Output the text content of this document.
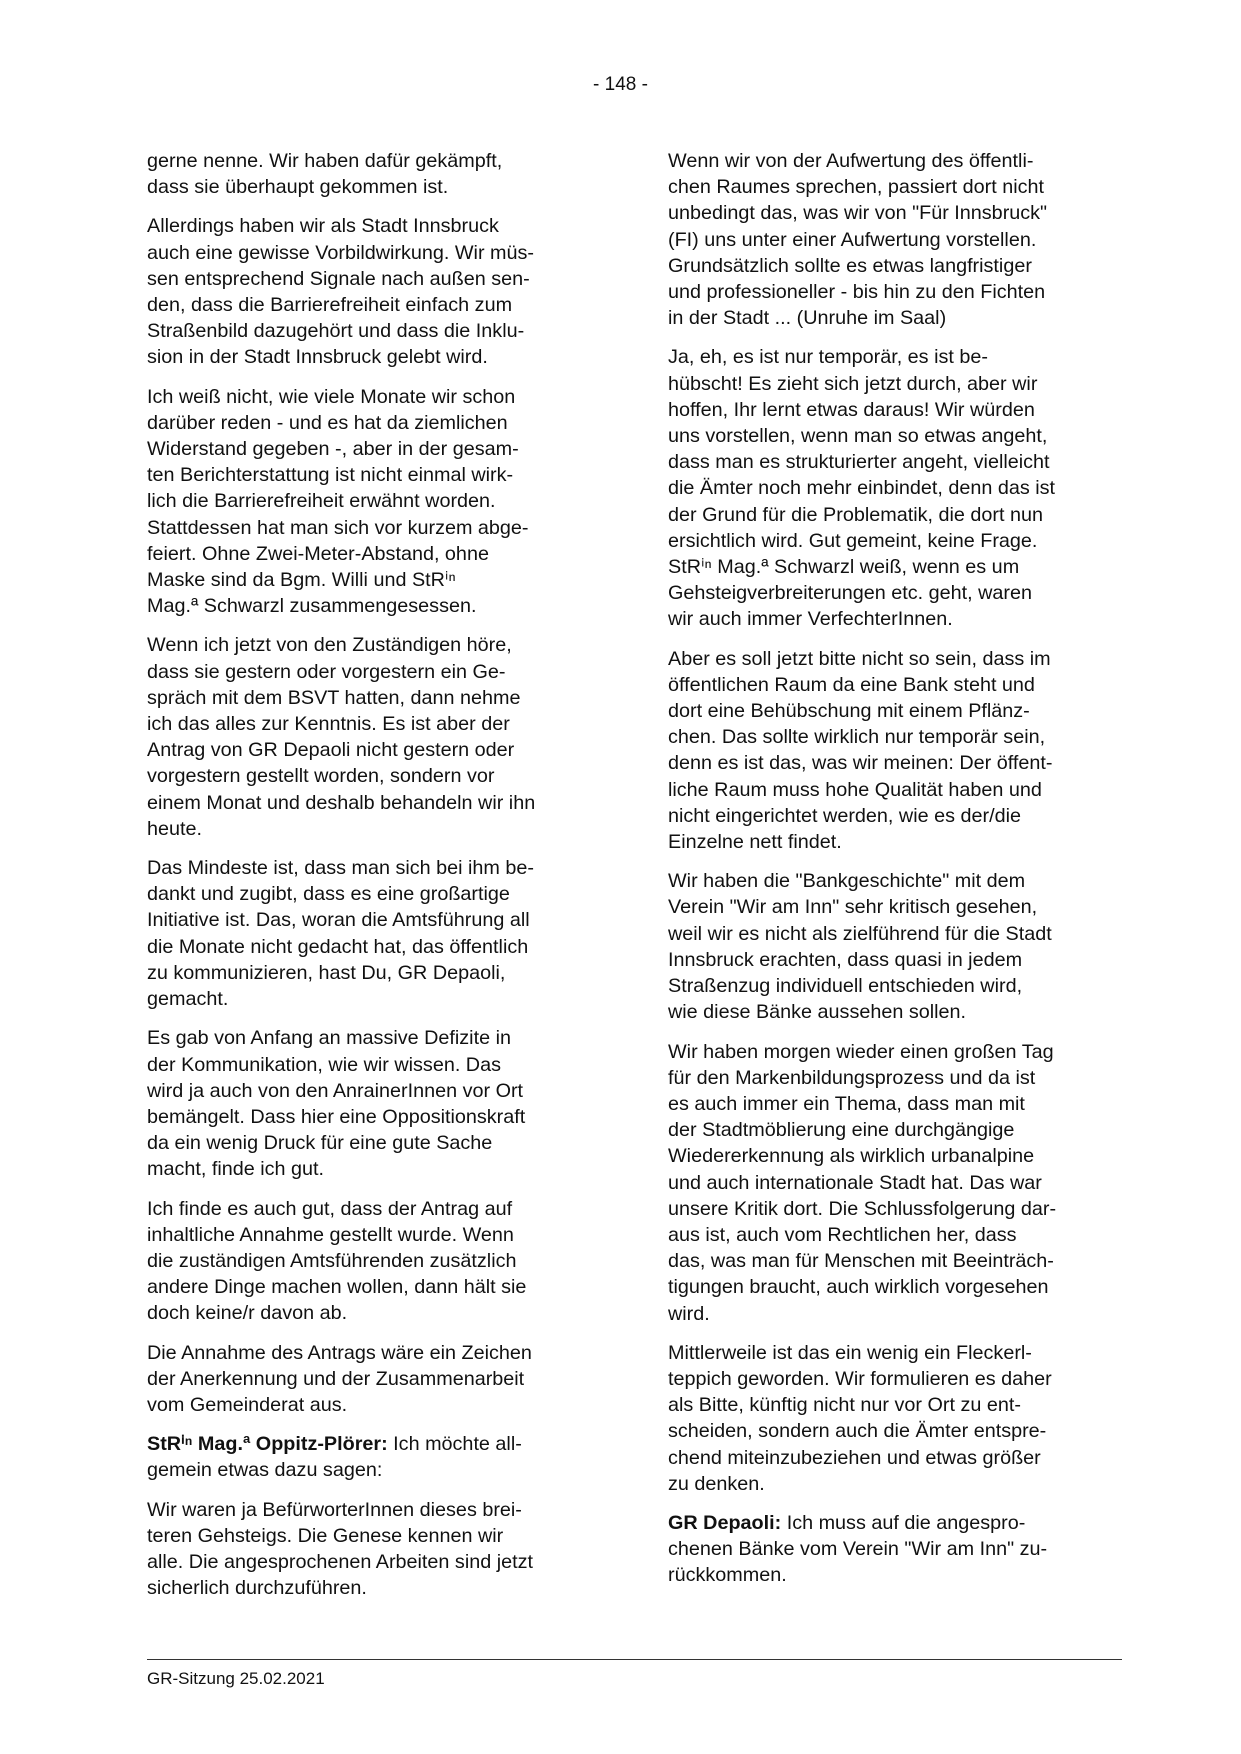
- 148 -

gerne nenne. Wir haben dafür gekämpft,
dass sie überhaupt gekommen ist.

Allerdings haben wir als Stadt Innsbruck
auch eine gewisse Vorbildwirkung. Wir müs-
sen entsprechend Signale nach außen sen-
den, dass die Barrierefreiheit einfach zum
Straßenbild dazugehört und dass die Inklu-
sion in der Stadt Innsbruck gelebt wird.

Ich weiß nicht, wie viele Monate wir schon
darüber reden - und es hat da ziemlichen
Widerstand gegeben -, aber in der gesam-
ten Berichterstattung ist nicht einmal wirk-
lich die Barrierefreiheit erwähnt worden.
Stattdessen hat man sich vor kurzem abge-
feiert. Ohne Zwei-Meter-Abstand, ohne
Maske sind da Bgm. Willi und StRⁱⁿ
Mag.ª Schwarzl zusammengesessen.

Wenn ich jetzt von den Zuständigen höre,
dass sie gestern oder vorgestern ein Ge-
spräch mit dem BSVT hatten, dann nehme
ich das alles zur Kenntnis. Es ist aber der
Antrag von GR Depaoli nicht gestern oder
vorgestern gestellt worden, sondern vor
einem Monat und deshalb behandeln wir ihn
heute.

Das Mindeste ist, dass man sich bei ihm be-
dankt und zugibt, dass es eine großartige
Initiative ist. Das, woran die Amtsführung all
die Monate nicht gedacht hat, das öffentlich
zu kommunizieren, hast Du, GR Depaoli,
gemacht.

Es gab von Anfang an massive Defizite in
der Kommunikation, wie wir wissen. Das
wird ja auch von den AnrainerInnen vor Ort
bemängelt. Dass hier eine Oppositionskraft
da ein wenig Druck für eine gute Sache
macht, finde ich gut.

Ich finde es auch gut, dass der Antrag auf
inhaltliche Annahme gestellt wurde. Wenn
die zuständigen Amtsführenden zusätzlich
andere Dinge machen wollen, dann hält sie
doch keine/r davon ab.

Die Annahme des Antrags wäre ein Zeichen
der Anerkennung und der Zusammenarbeit
vom Gemeinderat aus.

StRⁱⁿ Mag.ª Oppitz-Plörer: Ich möchte all-
gemein etwas dazu sagen:

Wir waren ja BefürworterInnen dieses brei-
teren Gehsteigs. Die Genese kennen wir
alle. Die angesprochenen Arbeiten sind jetzt
sicherlich durchzuführen.

Wenn wir von der Aufwertung des öffentli-
chen Raumes sprechen, passiert dort nicht
unbedingt das, was wir von "Für Innsbruck"
(FI) uns unter einer Aufwertung vorstellen.
Grundsätzlich sollte es etwas langfristiger
und professioneller - bis hin zu den Fichten
in der Stadt ... (Unruhe im Saal)

Ja, eh, es ist nur temporär, es ist be-
hübscht! Es zieht sich jetzt durch, aber wir
hoffen, Ihr lernt etwas daraus! Wir würden
uns vorstellen, wenn man so etwas angeht,
dass man es strukturierter angeht, vielleicht
die Ämter noch mehr einbindet, denn das ist
der Grund für die Problematik, die dort nun
ersichtlich wird. Gut gemeint, keine Frage.
StRⁱⁿ Mag.ª Schwarzl weiß, wenn es um
Gehsteigverbreiterungen etc. geht, waren
wir auch immer VerfechterInnen.

Aber es soll jetzt bitte nicht so sein, dass im
öffentlichen Raum da eine Bank steht und
dort eine Behübschung mit einem Pflänz-
chen. Das sollte wirklich nur temporär sein,
denn es ist das, was wir meinen: Der öffent-
liche Raum muss hohe Qualität haben und
nicht eingerichtet werden, wie es der/die
Einzelne nett findet.

Wir haben die "Bankgeschichte" mit dem
Verein "Wir am Inn" sehr kritisch gesehen,
weil wir es nicht als zielführend für die Stadt
Innsbruck erachten, dass quasi in jedem
Straßenzug individuell entschieden wird,
wie diese Bänke aussehen sollen.

Wir haben morgen wieder einen großen Tag
für den Markenbildungsprozess und da ist
es auch immer ein Thema, dass man mit
der Stadtmöblierung eine durchgängige
Wiedererkennung als wirklich urbanalpine
und auch internationale Stadt hat. Das war
unsere Kritik dort. Die Schlussfolgerung dar-
aus ist, auch vom Rechtlichen her, dass
das, was man für Menschen mit Beeinträch-
tigungen braucht, auch wirklich vorgesehen
wird.

Mittlerweile ist das ein wenig ein Fleckerl-
teppich geworden. Wir formulieren es daher
als Bitte, künftig nicht nur vor Ort zu ent-
scheiden, sondern auch die Ämter entspre-
chend miteinzubeziehen und etwas größer
zu denken.

GR Depaoli: Ich muss auf die angespro-
chenen Bänke vom Verein "Wir am Inn" zu-
rückkommen.

GR-Sitzung 25.02.2021
